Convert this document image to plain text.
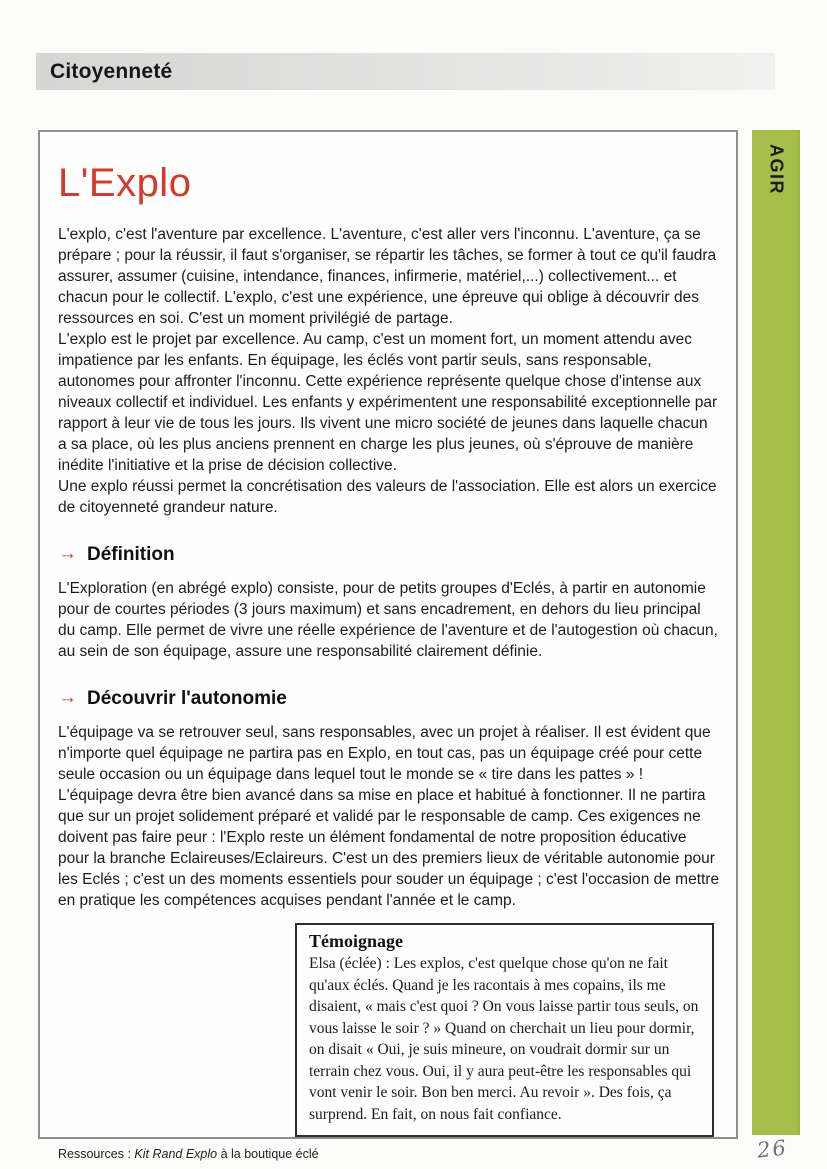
Citoyenneté
L'Explo

L'explo, c'est l'aventure par excellence. L'aventure, c'est aller vers l'inconnu. L'aventure, ça se prépare ; pour la réussir, il faut s'organiser, se répartir les tâches, se former à tout ce qu'il faudra assurer, assumer (cuisine, intendance, finances, infirmerie, matériel,...) collectivement... et chacun pour le collectif. L'explo, c'est une expérience, une épreuve qui oblige à découvrir des ressources en soi. C'est un moment privilégié de partage.

L'explo est le projet par excellence. Au camp, c'est un moment fort, un moment attendu avec impatience par les enfants. En équipage, les éclés vont partir seuls, sans responsable, autonomes pour affronter l'inconnu. Cette expérience représente quelque chose d'intense aux niveaux collectif et individuel. Les enfants y expérimentent une responsabilité exceptionnelle par rapport à leur vie de tous les jours. Ils vivent une micro société de jeunes dans laquelle chacun a sa place, où les plus anciens prennent en charge les plus jeunes, où s'éprouve de manière inédite l'initiative et la prise de décision collective.

Une explo réussi permet la concrétisation des valeurs de l'association. Elle est alors un exercice de citoyenneté grandeur nature.

→ Définition

L'Exploration (en abrégé explo) consiste, pour de petits groupes d'Eclés, à partir en autonomie pour de courtes périodes (3 jours maximum) et sans encadrement, en dehors du lieu principal du camp. Elle permet de vivre une réelle expérience de l'aventure et de l'autogestion où chacun, au sein de son équipage, assure une responsabilité clairement définie.

→ Découvrir l'autonomie

L'équipage va se retrouver seul, sans responsables, avec un projet à réaliser. Il est évident que n'importe quel équipage ne partira pas en Explo, en tout cas, pas un équipage créé pour cette seule occasion ou un équipage dans lequel tout le monde se « tire dans les pattes » ! L'équipage devra être bien avancé dans sa mise en place et habitué à fonctionner. Il ne partira que sur un projet solidement préparé et validé par le responsable de camp. Ces exigences ne doivent pas faire peur : l'Explo reste un élément fondamental de notre proposition éducative pour la branche Eclaireuses/Eclaireurs. C'est un des premiers lieux de véritable autonomie pour les Eclés ; c'est un des moments essentiels pour souder un équipage ; c'est l'occasion de mettre en pratique les compétences acquises pendant l'année et le camp.

Témoignage

Elsa (éclée) : Les explos, c'est quelque chose qu'on ne fait qu'aux éclés. Quand je les racontais à mes copains, ils me disaient, « mais c'est quoi ? On vous laisse partir tous seuls, on vous laisse le soir ? » Quand on cherchait un lieu pour dormir, on disait « Oui, je suis mineure, on voudrait dormir sur un terrain chez vous. Oui, il y aura peut-être les responsables qui vont venir le soir. Bon ben merci. Au revoir ». Des fois, ça surprend. En fait, on nous fait confiance.

Ressources : Kit Rand Explo à la boutique éclé

AGIR
26
